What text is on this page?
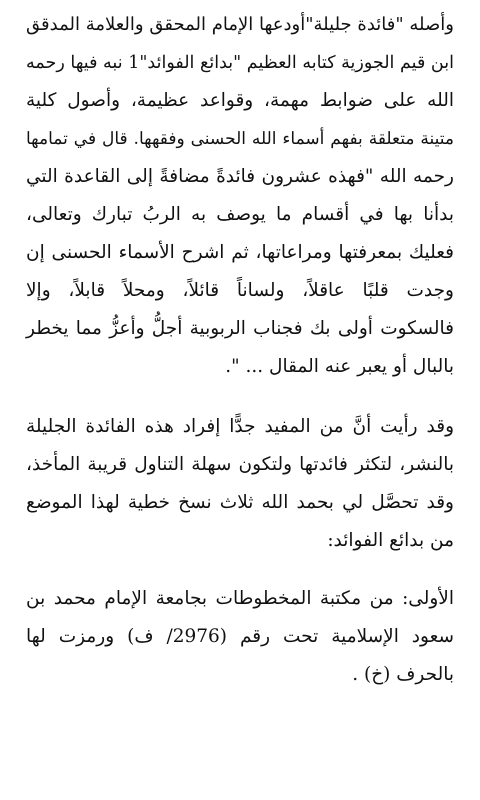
وأصله "فائدة جليلة"أودعها الإمام المحقق والعلامة المدقق
ابن قيم الجوزية كتابه العظيم "بدائع الفوائد"1 نبه فيها رحمه
الله على ضوابط مهمة، وقواعد عظيمة، وأصول كلية
متينة متعلقة بفهم أسماء الله الحسنى وفقهها. قال في تمامها
رحمه الله "فهذه عشرون فائدةً مضافةً إلى القاعدة التي
بدأنا بها في أقسام ما يوصف به الربُ تبارك وتعالى،
فعليك بمعرفتها ومراعاتها، ثم اشرح الأسماء الحسنى إن
وجدت قلبًا عاقلاً، ولساناً قائلاً، ومحلاً قابلاً، وإلا
فالسكوت أولى بك فجناب الربوبية أجلُّ وأعزُّ مما يخطر
بالبال أو يعبر عنه المقال ... ".

وقد رأيت أنَّ من المفيد جدًّا إفراد هذه الفائدة الجليلة
بالنشر، لتكثر فائدتها ولتكون سهلة التناول قريبة المأخذ،
وقد تحصَّل لي بحمد الله ثلاث نسخ خطية لهذا الموضع
من بدائع الفوائد:

الأولى: من مكتبة المخطوطات بجامعة الإمام محمد بن
سعود الإسلامية تحت رقم (2976/ ف) ورمزت لها
بالحرف (خ) .
